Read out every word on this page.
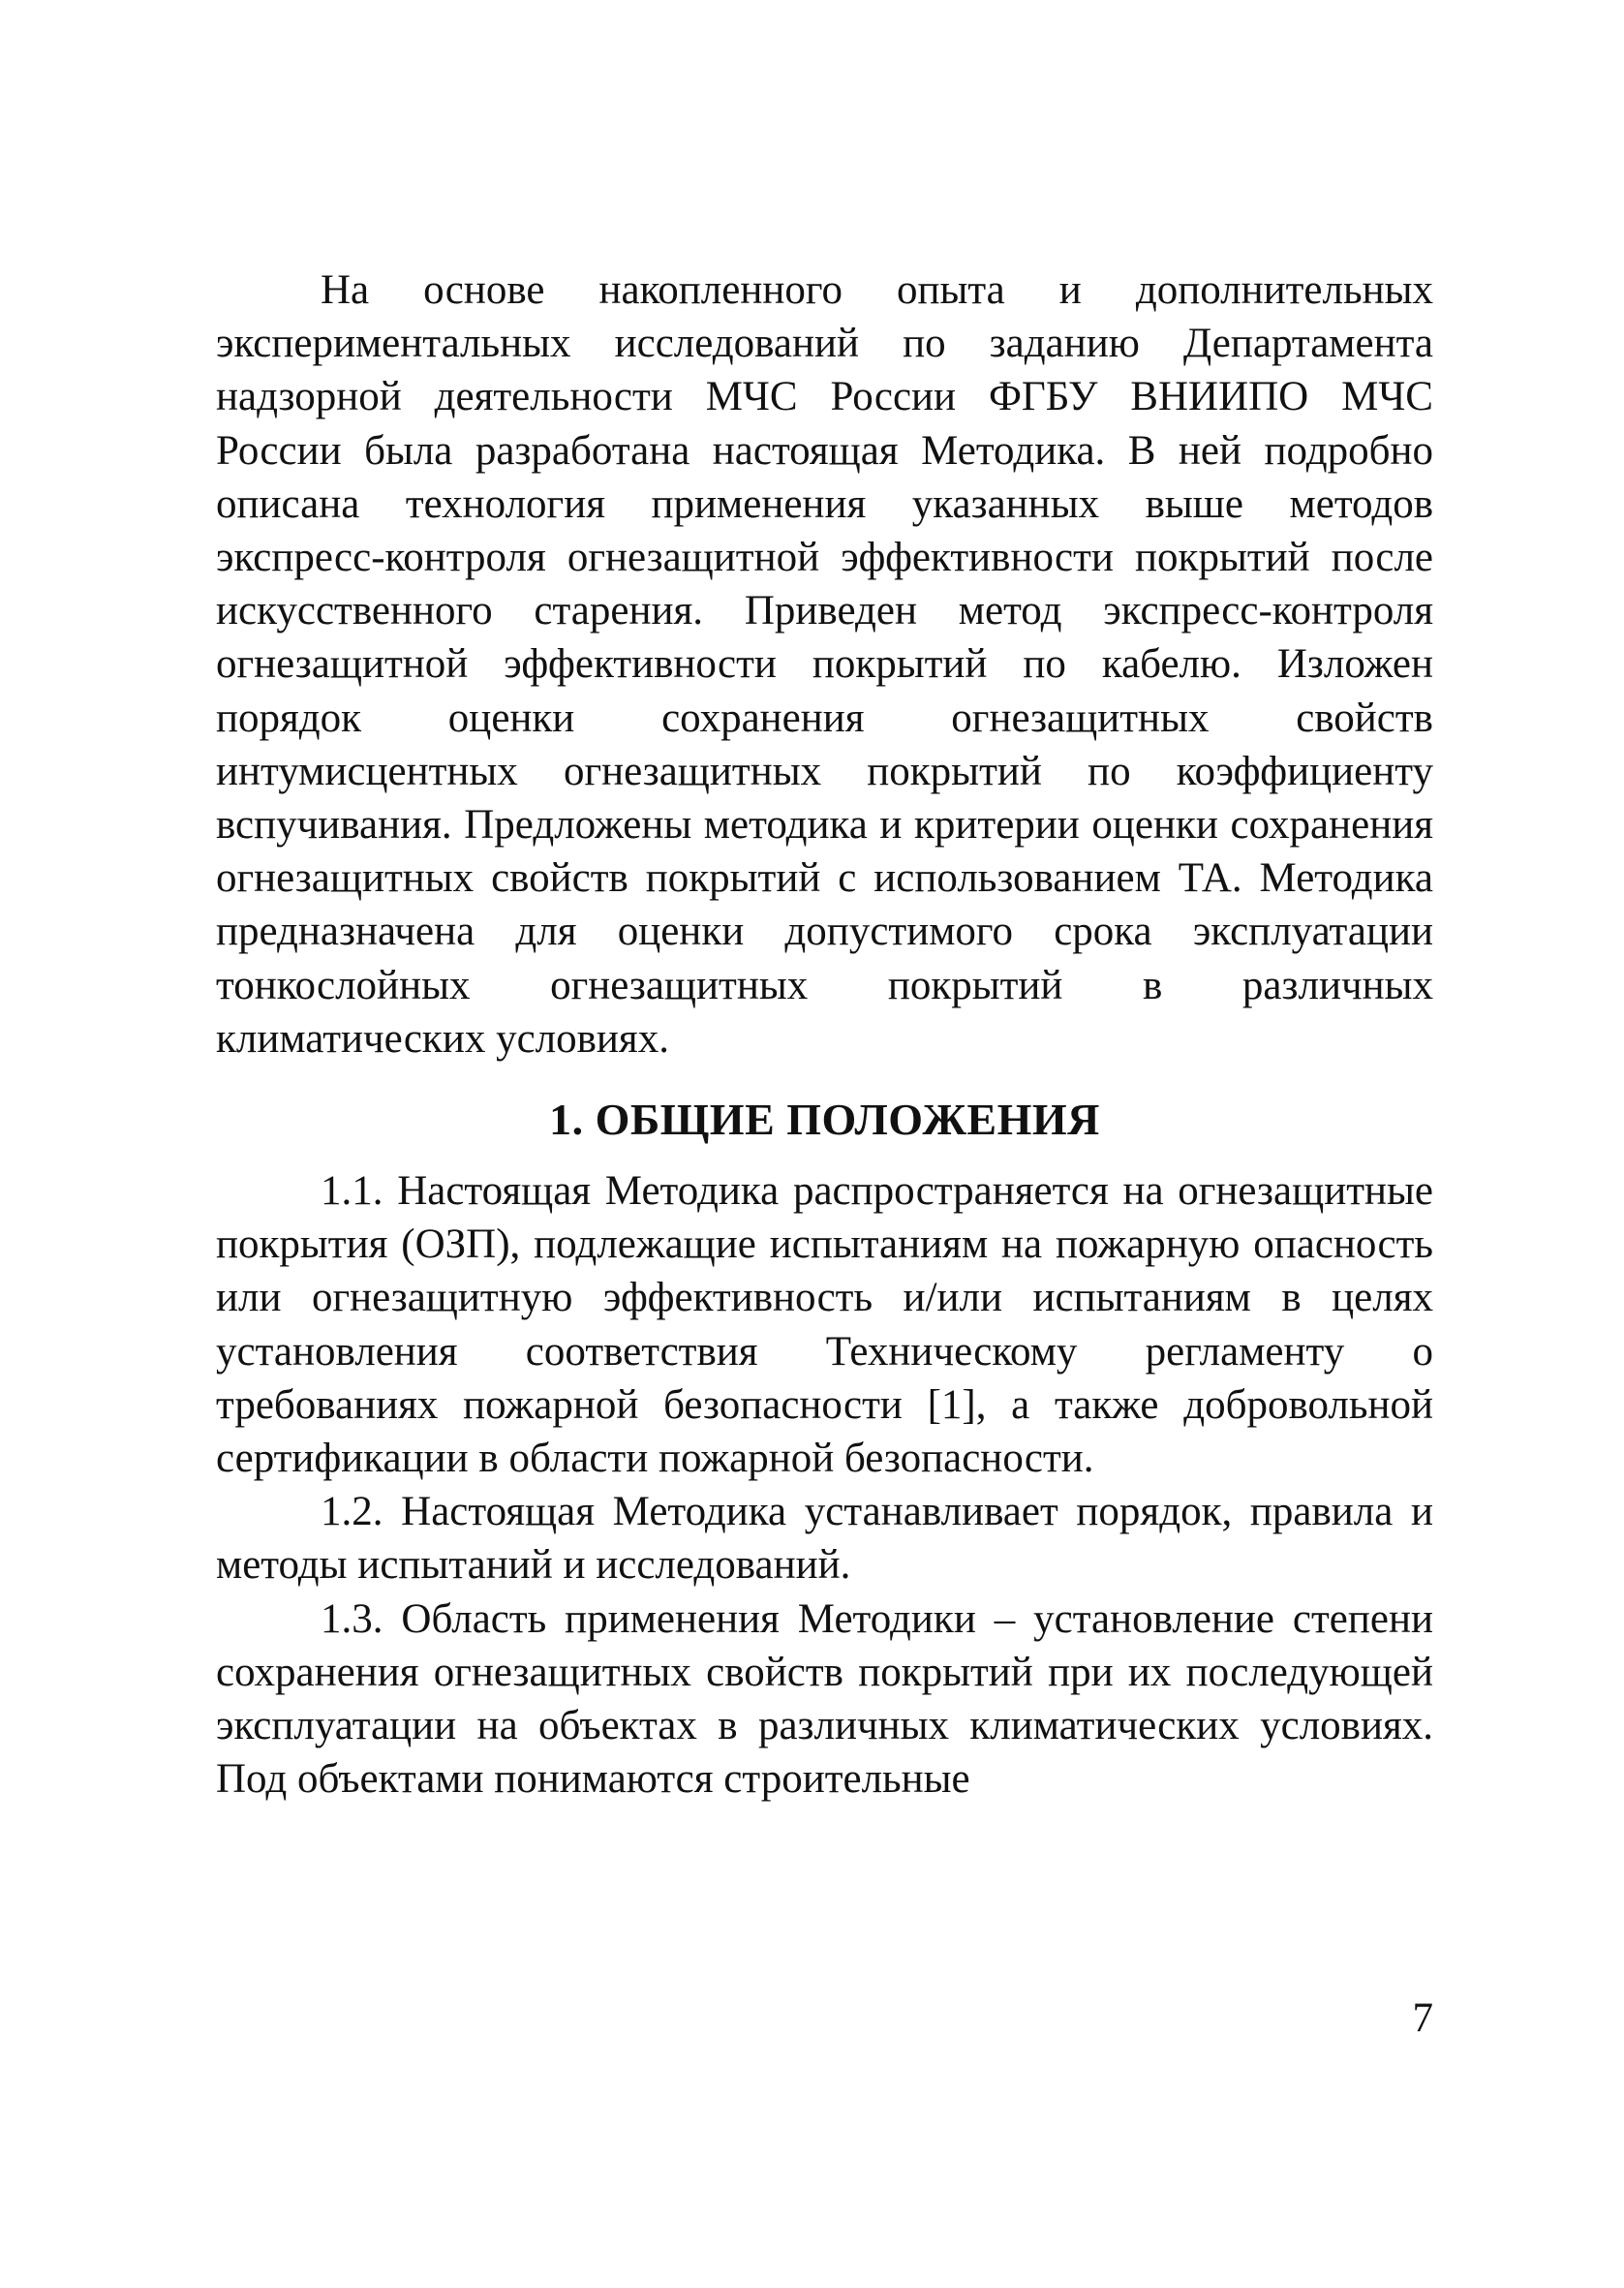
На основе накопленного опыта и дополнительных экспериментальных исследований по заданию Департамента надзорной деятельности МЧС России ФГБУ ВНИИПО МЧС России была разработана настоящая Методика. В ней подробно описана технология применения указанных выше методов экспресс-контроля огнезащитной эффективности покрытий после искусственного старения. Приведен метод экспресс-контроля огнезащитной эффективности покрытий по кабелю. Изложен порядок оценки сохранения огнезащитных свойств интумисцентных огнезащитных покрытий по коэффициенту вспучивания. Предложены методика и критерии оценки сохранения огнезащитных свойств покрытий с использованием ТА. Методика предназначена для оценки допустимого срока эксплуатации тонкослойных огнезащитных покрытий в различных климатических условиях.

1. ОБЩИЕ ПОЛОЖЕНИЯ

1.1. Настоящая Методика распространяется на огнезащитные покрытия (ОЗП), подлежащие испытаниям на пожарную опасность или огнезащитную эффективность и/или испытаниям в целях установления соответствия Техническому регламенту о требованиях пожарной безопасности [1], а также добровольной сертификации в области пожарной безопасности.

1.2. Настоящая Методика устанавливает порядок, правила и методы испытаний и исследований.

1.3. Область применения Методики – установление степени сохранения огнезащитных свойств покрытий при их последующей эксплуатации на объектах в различных климатических условиях. Под объектами понимаются строительные

7
